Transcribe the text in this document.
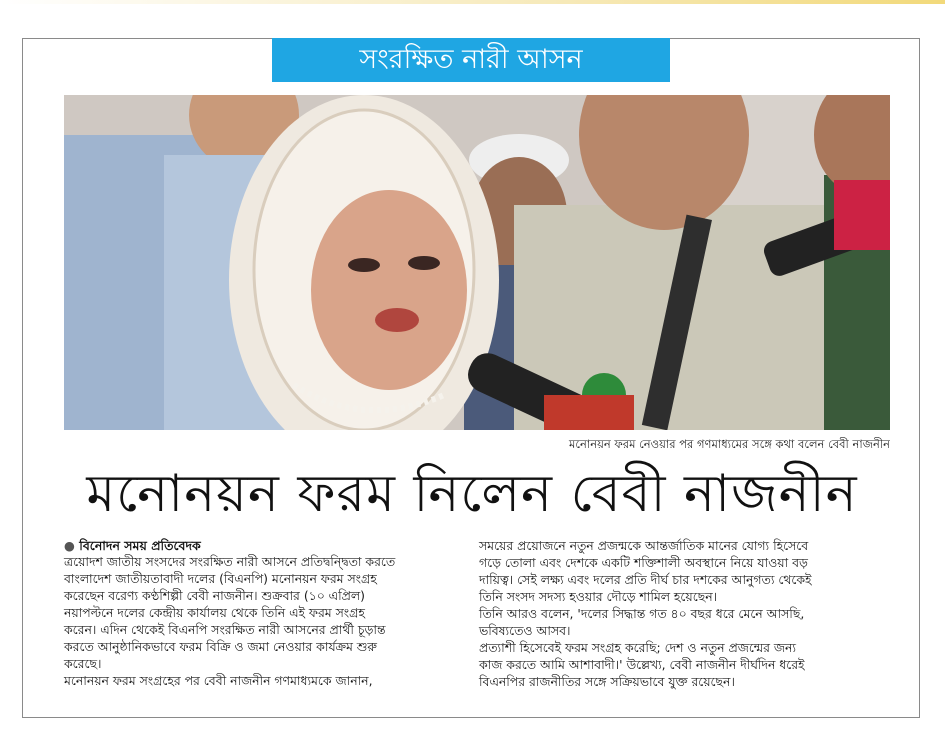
সংরক্ষিত নারী আসন
মনোনয়ন ফরম নেওয়ার পর গণমাধ্যমের সঙ্গে কথা বলেন বেবী নাজনীন
মনোনয়ন ফরম নিলেন বেবী নাজনীন
● বিনোদন সময় প্রতিবেদক

ত্রয়োদশ জাতীয় সংসদের সংরক্ষিত নারী আসনে প্রতিদ্বন্দ্বিতা করতে

বাংলাদেশ জাতীয়তাবাদী দলের (বিএনপি) মনোনয়ন ফরম সংগ্রহ

করেছেন বরেণ্য কণ্ঠশিল্পী বেবী নাজনীন। শুক্রবার (১০ এপ্রিল)

নয়াপল্টনে দলের কেন্দ্রীয় কার্যালয় থেকে তিনি এই ফরম সংগ্রহ

করেন। এদিন থেকেই বিএনপি সংরক্ষিত নারী আসনের প্রার্থী চূড়ান্ত

করতে আনুষ্ঠানিকভাবে ফরম বিক্রি ও জমা নেওয়ার কার্যক্রম শুরু

করেছে।

মনোনয়ন ফরম সংগ্রহের পর বেবী নাজনীন গণমাধ্যমকে জানান,

সময়ের প্রয়োজনে নতুন প্রজন্মকে আন্তর্জাতিক মানের যোগ্য হিসেবে

গড়ে তোলা এবং দেশকে একটি শক্তিশালী অবস্থানে নিয়ে যাওয়া বড়

দায়িত্ব। সেই লক্ষ্য এবং দলের প্রতি দীর্ঘ চার দশকের আনুগত্য থেকেই

তিনি সংসদ সদস্য হওয়ার দৌড়ে শামিল হয়েছেন।

তিনি আরও বলেন, 'দলের সিদ্ধান্ত গত ৪০ বছর ধরে মেনে আসছি,

ভবিষ্যতেও আসব।

প্রত্যাশী হিসেবেই ফরম সংগ্রহ করেছি; দেশ ও নতুন প্রজন্মের জন্য

কাজ করতে আমি আশাবাদী।' উল্লেখ্য, বেবী নাজনীন দীর্ঘদিন ধরেই

বিএনপির রাজনীতির সঙ্গে সক্রিয়ভাবে যুক্ত রয়েছেন।
